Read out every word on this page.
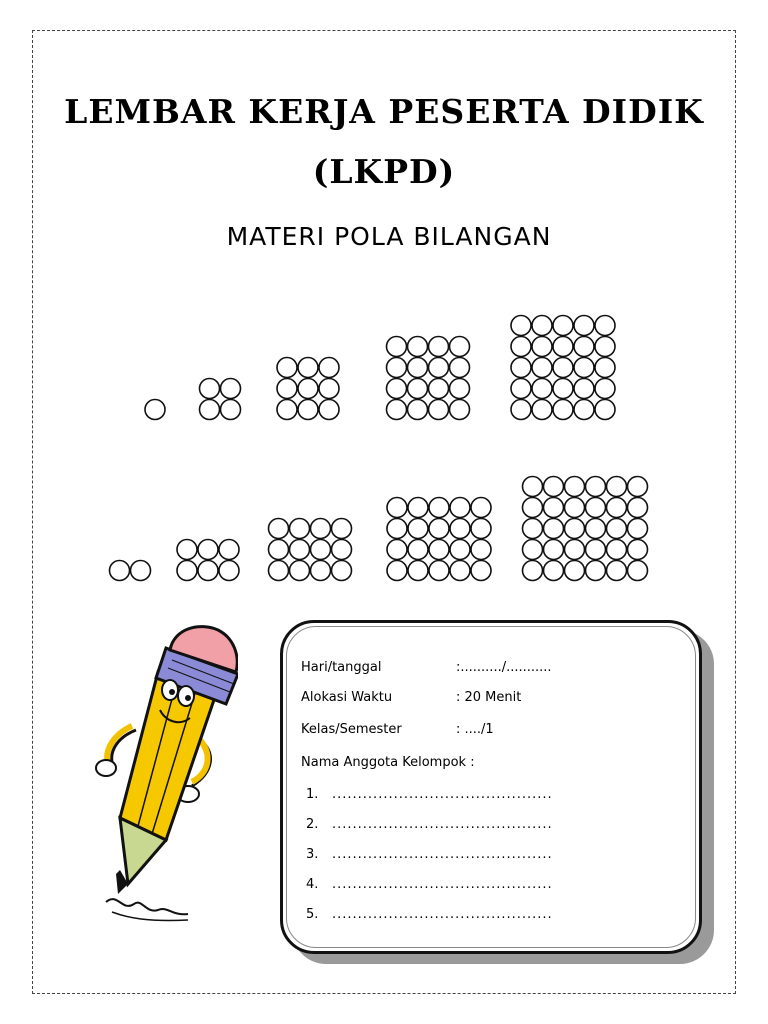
LEMBAR KERJA PESERTA DIDIK
(LKPD)
MATERI POLA BILANGAN
Hari/tanggal	:........../...........
Alokasi Waktu	: 20 Menit
Kelas/Semester	: ..../1
Nama Anggota Kelompok :
1. ...........................................
2. ...........................................
3. ...........................................
4. ...........................................
5. ...........................................
